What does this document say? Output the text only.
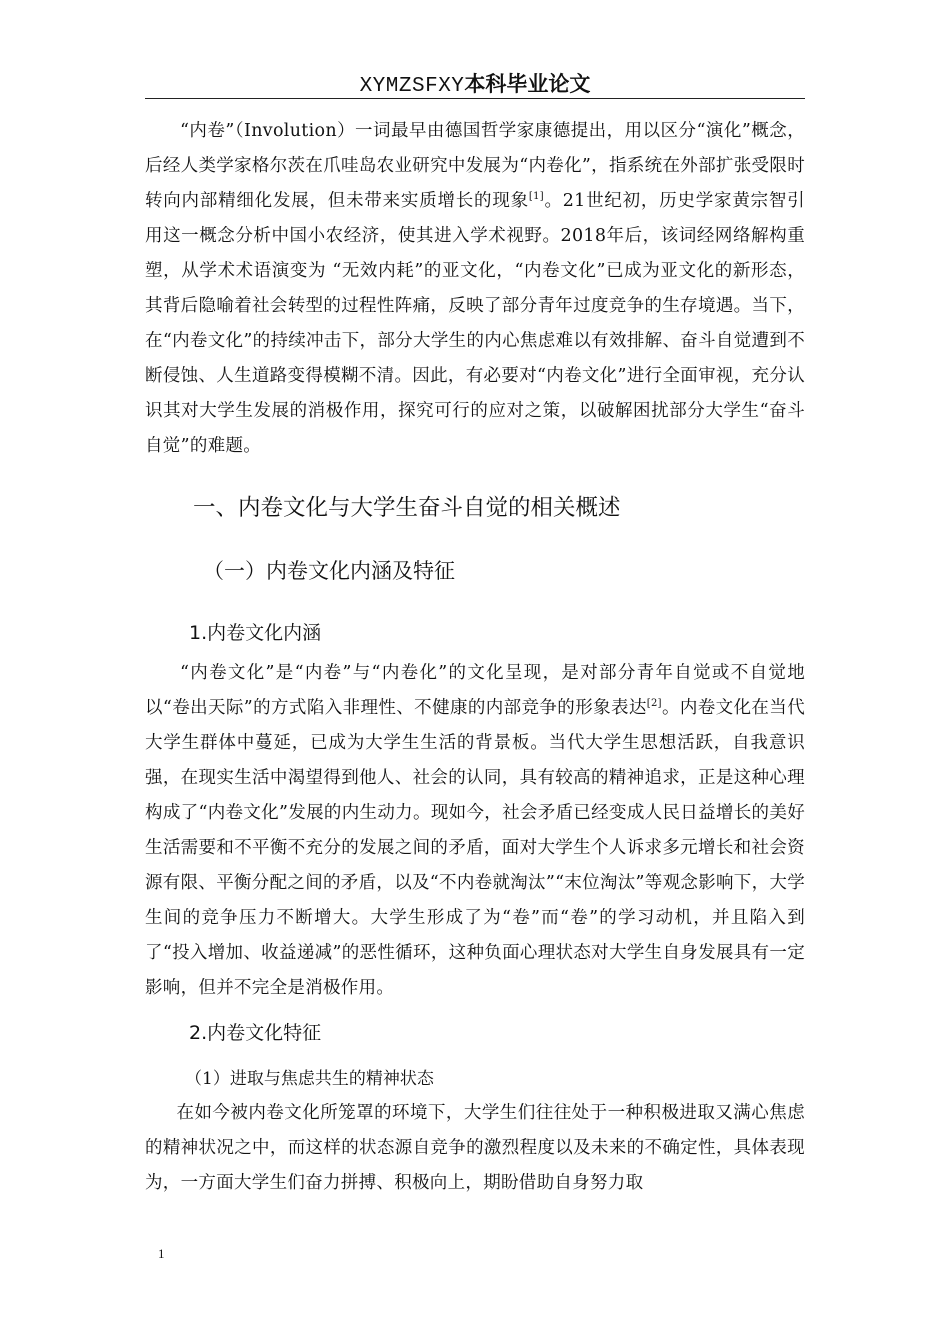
XYMZSFXY本科毕业论文

“内卷”（Involution）一词最早由德国哲学家康德提出，用以区分“演化”概念，后经人类学家格尔茨在爪哇岛农业研究中发展为“内卷化”，指系统在外部扩张受限时转向内部精细化发展，但未带来实质增长的现象[1]。21世纪初，历史学家黄宗智引用这一概念分析中国小农经济，使其进入学术视野。2018年后，该词经网络解构重塑，从学术术语演变为 “无效内耗”的亚文化，“内卷文化”已成为亚文化的新形态，其背后隐喻着社会转型的过程性阵痛，反映了部分青年过度竞争的生存境遇。当下，在“内卷文化”的持续冲击下，部分大学生的内心焦虑难以有效排解、奋斗自觉遭到不断侵蚀、人生道路变得模糊不清。因此，有必要对“内卷文化”进行全面审视，充分认识其对大学生发展的消极作用，探究可行的应对之策，以破解困扰部分大学生“奋斗自觉”的难题。

一、内卷文化与大学生奋斗自觉的相关概述
（一）内卷文化内涵及特征
1.内卷文化内涵

“内卷文化”是“内卷”与“内卷化”的文化呈现，是对部分青年自觉或不自觉地以“卷出天际”的方式陷入非理性、不健康的内部竞争的形象表达[2]。内卷文化在当代大学生群体中蔓延，已成为大学生生活的背景板。当代大学生思想活跃，自我意识强，在现实生活中渴望得到他人、社会的认同，具有较高的精神追求，正是这种心理构成了“内卷文化”发展的内生动力。现如今，社会矛盾已经变成人民日益增长的美好生活需要和不平衡不充分的发展之间的矛盾，面对大学生个人诉求多元增长和社会资源有限、平衡分配之间的矛盾，以及“不内卷就淘汰”“末位淘汰”等观念影响下，大学生间的竞争压力不断增大。大学生形成了为“卷”而“卷”的学习动机，并且陷入到了“投入增加、收益递减”的恶性循环，这种负面心理状态对大学生自身发展具有一定影响，但并不完全是消极作用。

2.内卷文化特征
（1）进取与焦虑共生的精神状态

在如今被内卷文化所笼罩的环境下，大学生们往往处于一种积极进取又满心焦虑的精神状况之中，而这样的状态源自竞争的激烈程度以及未来的不确定性，具体表现为，一方面大学生们奋力拼搏、积极向上，期盼借助自身努力取

1
